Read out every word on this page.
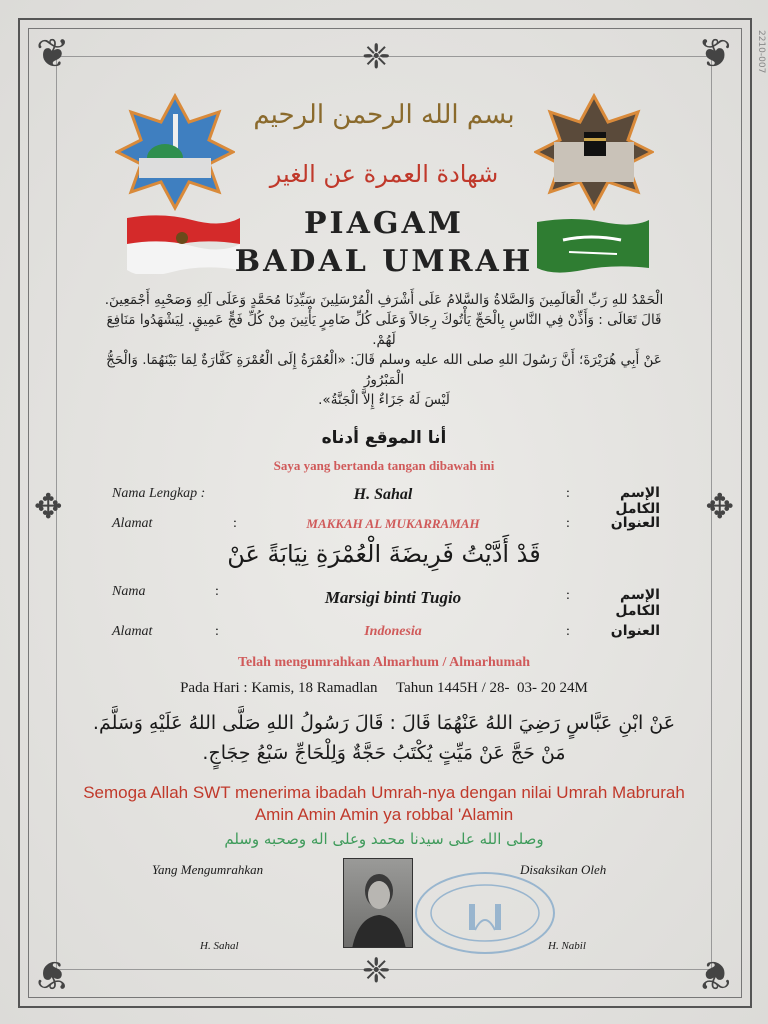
❦	❦
❦	❦
❈
❈
✥	✥
2210-007
بسم الله الرحمن الرحيم
شهادة العمرة عن الغير
PIAGAM
BADAL UMRAH
الْحَمْدُ للهِ رَبِّ الْعَالَمِينَ وَالصَّلاةُ وَالسَّلامُ عَلَى أَشْرَفِ الْمُرْسَلِينَ سَيِّدِنَا مُحَمَّدٍ وَعَلَى آلِهِ وَصَحْبِهِ أَجْمَعِينَ.
قَالَ تَعَالَى : وَأَذِّنْ فِي النَّاسِ بِالْحَجِّ يَأْتُوكَ رِجَالاً وَعَلَى كُلِّ ضَامِرٍ يَأْتِينَ مِنْ كُلِّ فَجٍّ عَمِيقٍ. لِيَشْهَدُوا مَنَافِعَ لَهُمْ.
عَنْ أَبِي هُرَيْرَةَ؛ أَنَّ رَسُولَ اللهِ صلى الله عليه وسلم قَالَ: «الْعُمْرَةُ إِلَى الْعُمْرَةِ كَفَّارَةٌ لِمَا بَيْنَهُمَا. وَالْحَجُّ الْمَبْرُورُ
لَيْسَ لَهُ جَزَاءٌ إِلاَّ الْجَنَّةُ».
أنا الموقع أدناه
Saya yang bertanda tangan dibawah ini
Nama Lengkap :	H. Sahal	:	الإسم الكامل
Alamat	:	MAKKAH AL MUKARRAMAH	:	العنوان
قَدْ أَدَّيْتُ فَرِيضَةَ الْعُمْرَةِ نِيَابَةً عَنْ
Nama	:	Marsigi binti Tugio	:	الإسم الكامل
Alamat	:	Indonesia	:	العنوان
Telah mengumrahkan Almarhum / Almarhumah
Pada Hari : Kamis, 18 Ramadlan     Tahun 1445H / 28-  03- 20 24M
عَنْ ابْنِ عَبَّاسٍ رَضِيَ اللهُ عَنْهُمَا قَالَ : قَالَ رَسُولُ اللهِ صَلَّى اللهُ عَلَيْهِ وَسَلَّمَ.
مَنْ حَجَّ عَنْ مَيِّتٍ يُكْتَبُ حَجَّةٌ وَلِلْحَاجِّ سَبْعُ حِجَاجٍ.
Semoga Allah SWT menerima ibadah Umrah-nya dengan nilai Umrah Mabrurah
Amin Amin Amin ya robbal 'Alamin
وصلى الله على سيدنا محمد وعلى اله وصحبه وسلم
Yang Mengumrahkan	Disaksikan Oleh
H. Sahal	H. Nabil
